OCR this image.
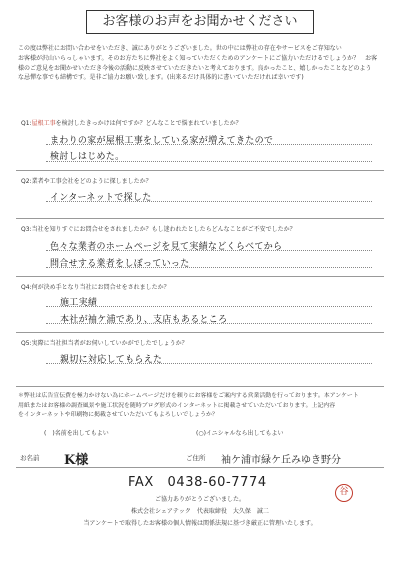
お客様のお声をお聞かせください
この度は弊社にお問い合わせをいただき、誠にありがとうございました。世の中には弊社の存在やサービスをご存知ない
お客様が沢山いらっしゃいます。そのお方たちに弊社をよく知っていただくためのアンケートにご協力いただけるでしょうか？　お客
様のご意見をお聞かせいただき今後の活動に反映させていただきたいと考えております。良かったこと、嬉しかったことなどのよう
な忌憚な事でも結構です。是非ご協力お願い致します。(出来るだけ具体的に書いていただければ幸いです)
Q1:屋根工事を検討したきっかけは何ですか？どんなことで悩まれていましたか？
まわりの家が屋根工事をしている家が増えてきたので
検討しはじめた。
Q2:業者や工事会社をどのように探しましたか？
インターネットで探した
Q3:当社を知りすぐにお問合せをされましたか？もし迷われたとしたらどんなことがご不安でしたか？
色々な業者のホームページを見て実績などくらべてから
問合せする業者をしぼっていった
Q4:何が決め手となり当社にお問合せをされましたか？
施工実績
本社が袖ケ浦であり、支店もあるところ
Q5:実際に当社担当者がお伺いしていかがでしたでしょうか？
親切に対応してもらえた
＊弊社は広告宣伝費を極力かけない為にホームページだけを頼りにお客様をご案内する営業活動を行っております。本アンケート
用紙またはお客様の調査風景や施工状況を随時ブログ形式のインターネットに掲載させていただいております。上記内容
をインターネットや印刷物に掲載させていただいてもよろしいでしょうか？
(　)名前を出してもよい	(○)イニシャルなら出してもよい
お名前 K様	ご住所 袖ケ浦市緑ケ丘みゆき野分
FAX　0438-60-7774
谷
ご協力ありがとうございました。
株式会社シェアテック　代表取締役　大久保　誠二
当アンケートで取得したお客様の個人情報は関係法規に基づき厳正に管理いたします。
